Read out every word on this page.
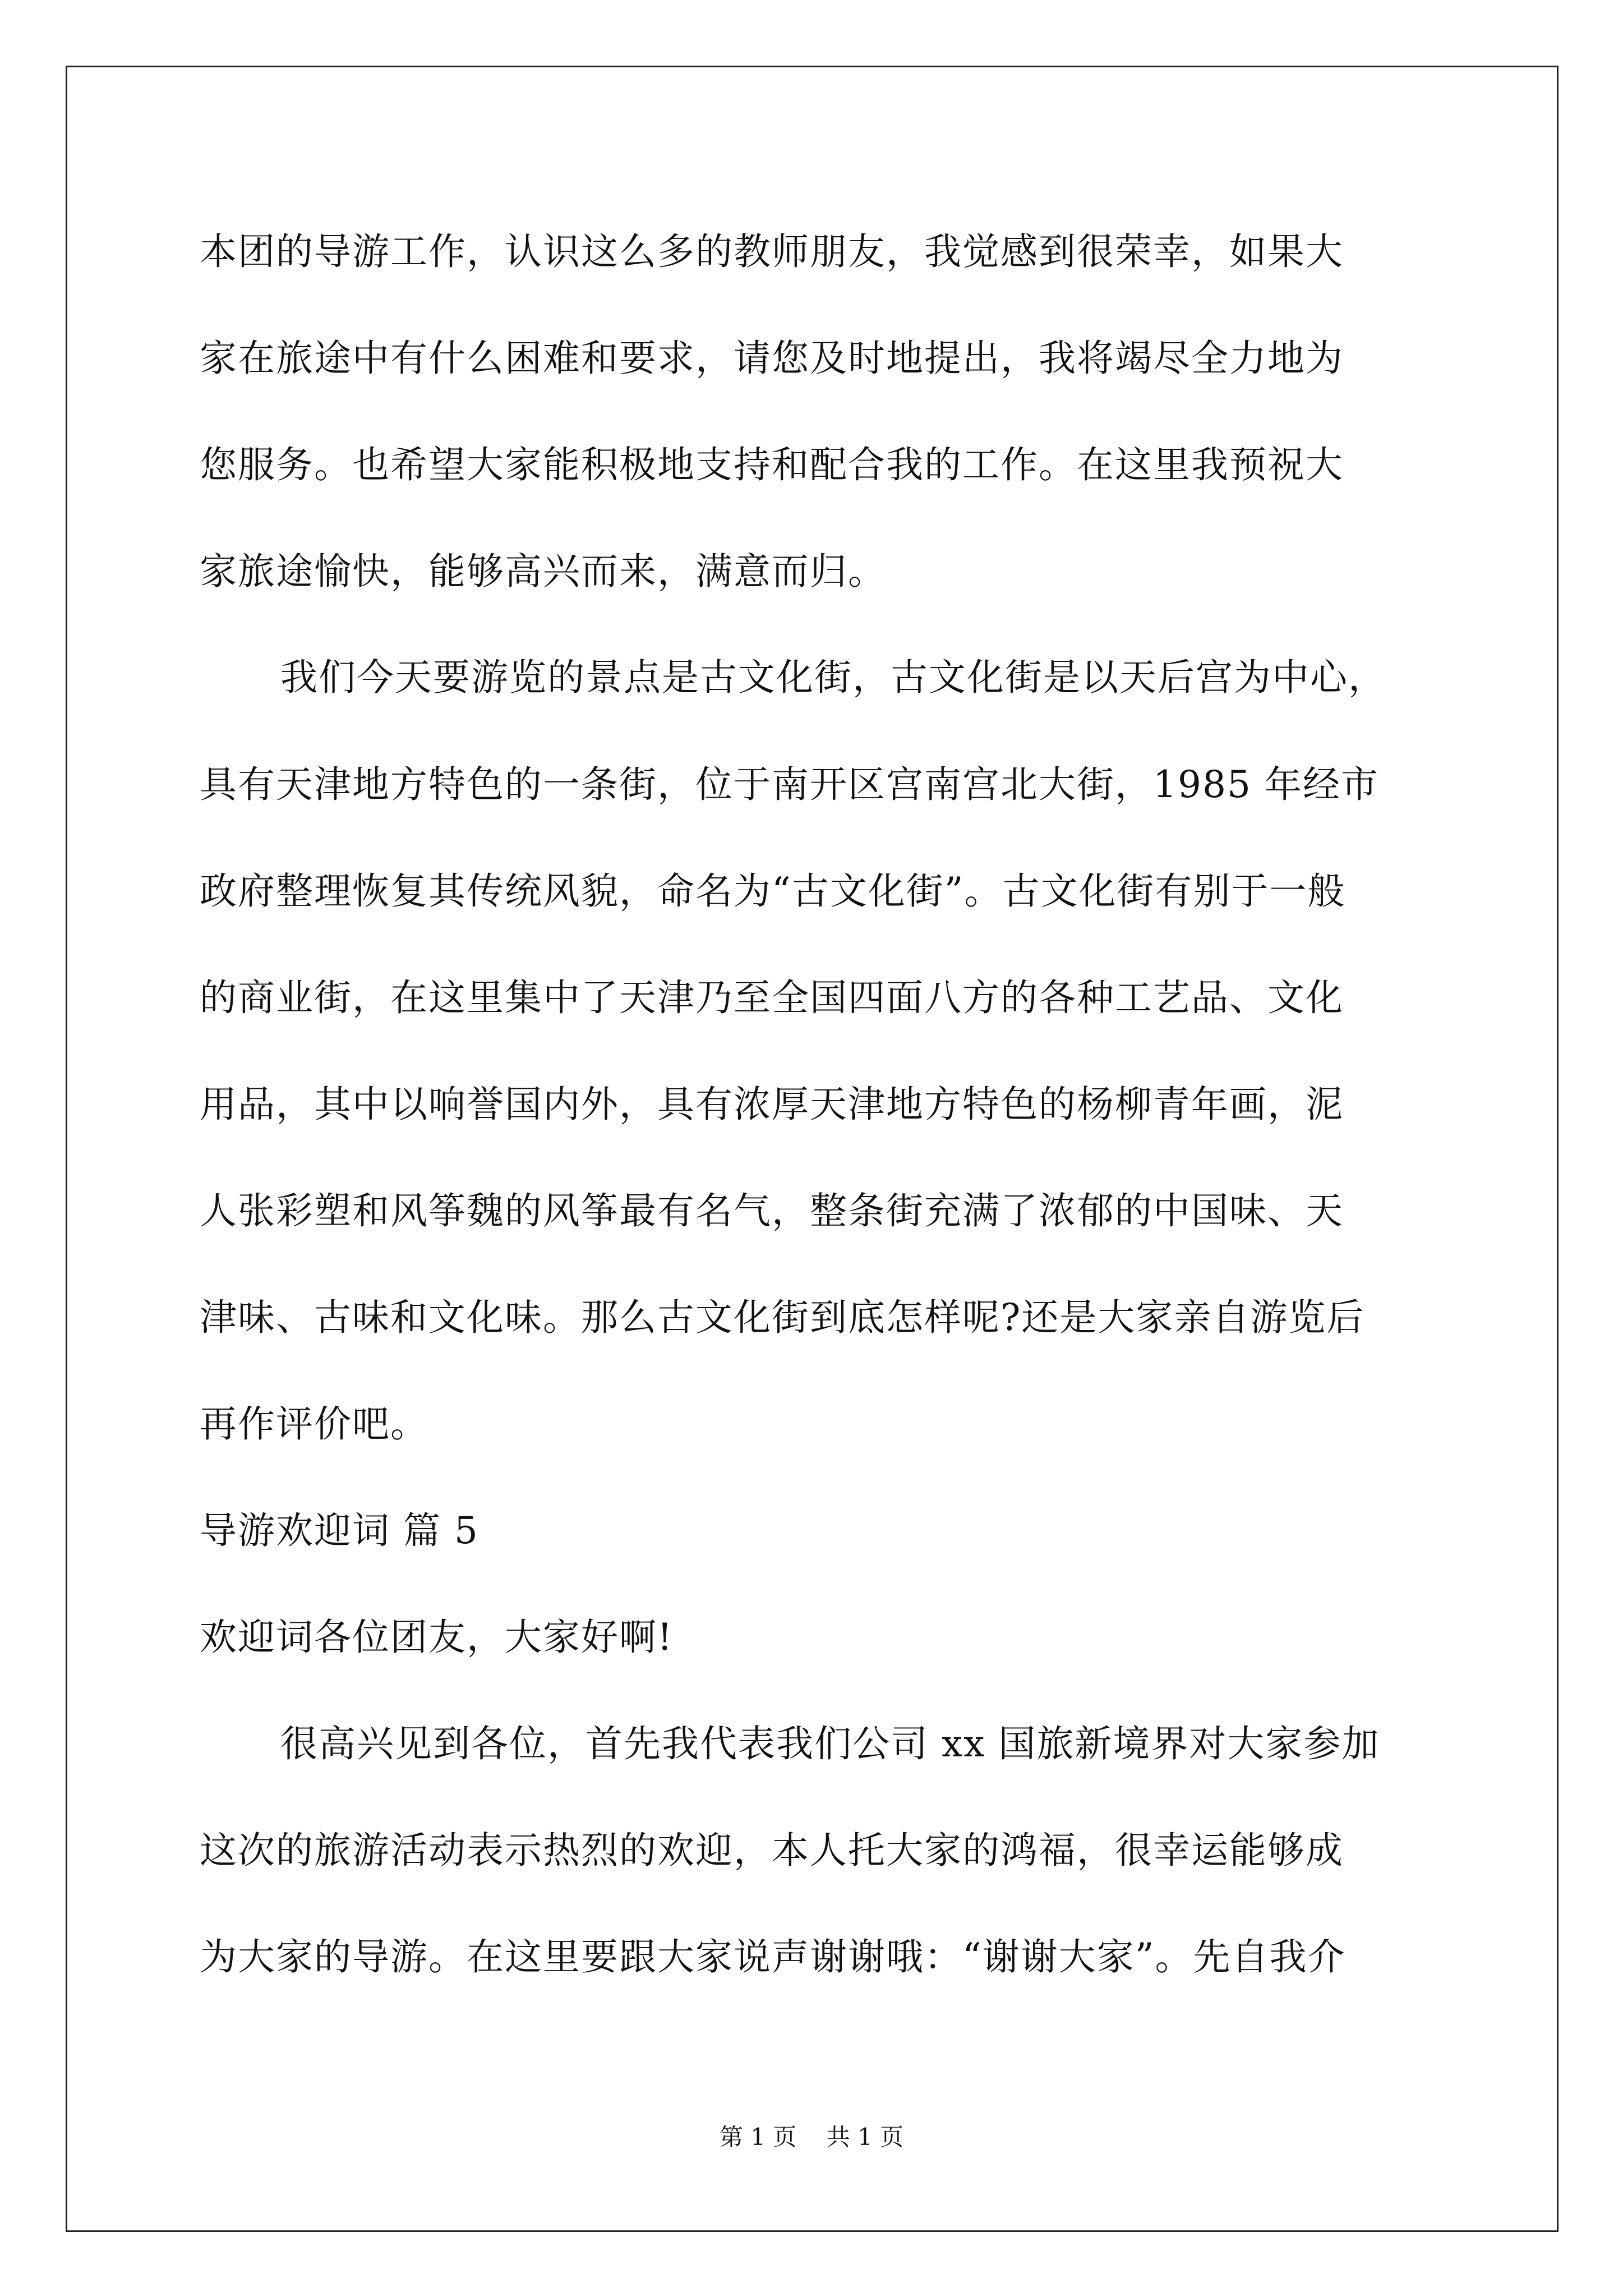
本团的导游工作，认识这么多的教师朋友，我觉感到很荣幸，如果大
家在旅途中有什么困难和要求，请您及时地提出，我将竭尽全力地为
您服务。也希望大家能积极地支持和配合我的工作。在这里我预祝大
家旅途愉快，能够高兴而来，满意而归。
我们今天要游览的景点是古文化街，古文化街是以天后宫为中心，
具有天津地方特色的一条街，位于南开区宫南宫北大街，1985 年经市
政府整理恢复其传统风貌，命名为“古文化街”。古文化街有别于一般
的商业街，在这里集中了天津乃至全国四面八方的各种工艺品、文化
用品，其中以响誉国内外，具有浓厚天津地方特色的杨柳青年画，泥
人张彩塑和风筝魏的风筝最有名气，整条街充满了浓郁的中国味、天
津味、古味和文化味。那么古文化街到底怎样呢?还是大家亲自游览后
再作评价吧。
导游欢迎词 篇 5
欢迎词各位团友，大家好啊!
很高兴见到各位，首先我代表我们公司 xx 国旅新境界对大家参加
这次的旅游活动表示热烈的欢迎，本人托大家的鸿福，很幸运能够成
为大家的导游。在这里要跟大家说声谢谢哦：“谢谢大家”。先自我介
第 1 页    共 1 页
